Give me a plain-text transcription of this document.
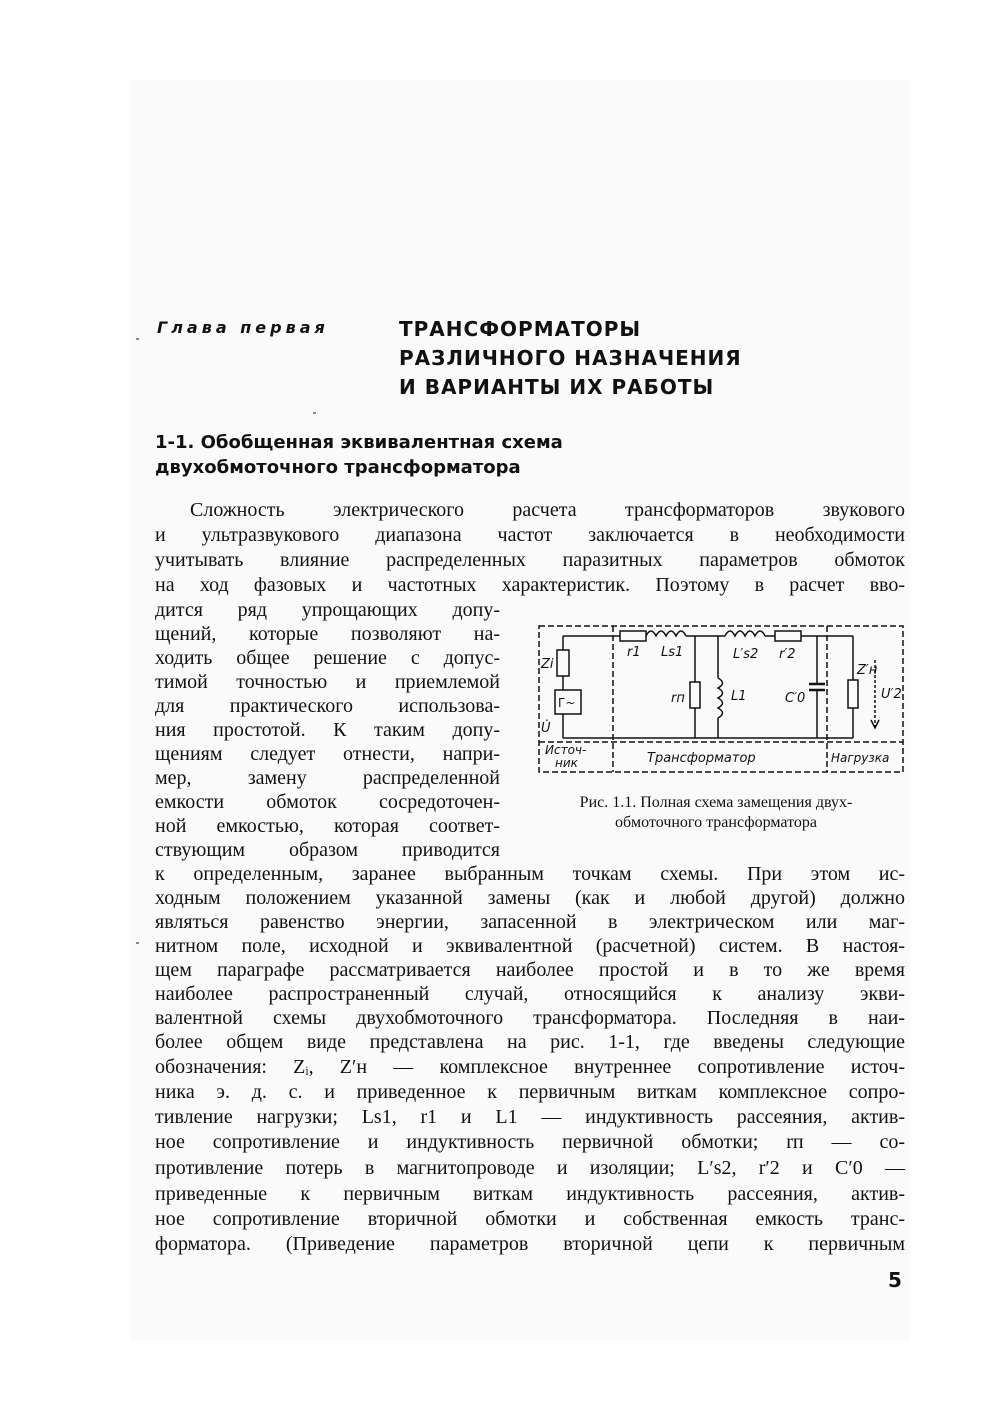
Глава первая	ТРАНСФОРМАТОРЫ
РАЗЛИЧНОГО НАЗНАЧЕНИЯ
И ВАРИАНТЫ ИХ РАБОТЫ
1-1. Обобщенная эквивалентная схема
двухобмоточного трансформатора
Сложность электрического расчета трансформаторов звукового
и ультразвукового диапазона частот заключается в необходимости
учитывать влияние распределенных паразитных параметров обмоток
на ход фазовых и частотных характеристик. Поэтому в расчет вво-
дится ряд упрощающих допу-
щений, которые позволяют на-
ходить общее решение с допус-
тимой точностью и приемлемой
для практического использова-
ния простотой. К таким допу-
щениям следует отнести, напри-
мер, замену распределенной
емкости обмоток сосредоточен-
ной емкостью, которая соответ-
ствующим образом приводится
к определенным, заранее выбранным точкам схемы. При этом ис-
ходным положением указанной замены (как и любой другой) должно
являться равенство энергии, запасенной в электрическом или маг-
нитном поле, исходной и эквивалентной (расчетной) систем. В настоя-
щем параграфе рассматривается наиболее простой и в то же время
наиболее распространенный случай, относящийся к анализу экви-
валентной схемы двухобмоточного трансформатора. Последняя в наи-
более общем виде представлена на рис. 1-1, где введены следующие
обозначения: Zᵢ, Z′н — комплексное внутреннее сопротивление источ-
ника э. д. с. и приведенное к первичным виткам комплексное сопро-
тивление нагрузки; Ls1, r1 и L1 — индуктивность рассеяния, актив-
ное сопротивление и индуктивность первичной обмотки; rп — со-
противление потерь в магнитопроводе и изоляции; L′s2, r′2 и C′0 —
приведенные к первичным виткам индуктивность рассеяния, актив-
ное сопротивление вторичной обмотки и собственная емкость транс-
форматора. (Приведение параметров вторичной цепи к первичным
Zi
Г~
U̇
r1 Ls1
rп	L1
L′s2 r′2
C′0
Z′н
U′2
Источ-
ник	Трансформатор	Нагрузка
Рис. 1.1. Полная схема замещения двух-
обмоточного трансформатора
5
